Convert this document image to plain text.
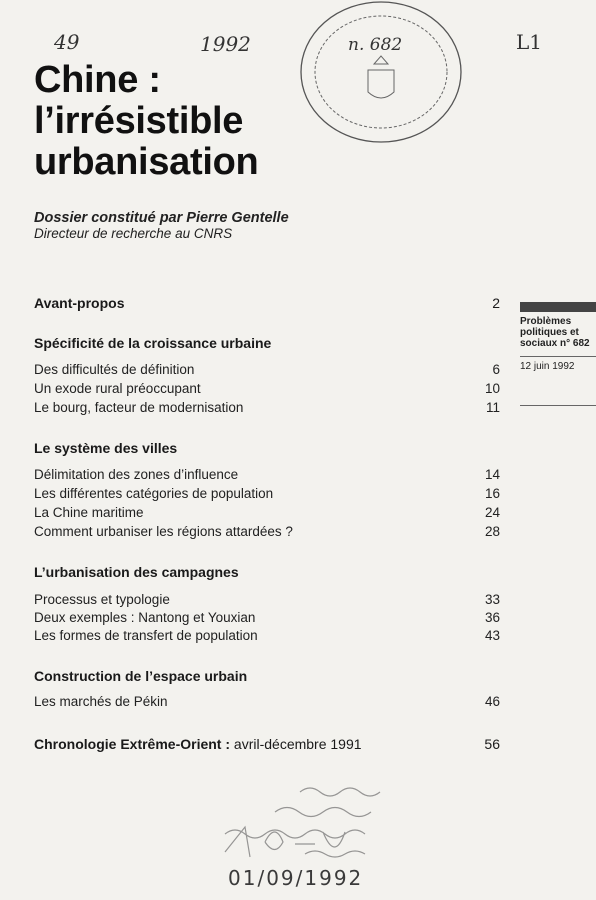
49	1992	L1
n. 682
Chine :
l’irrésistible
urbanisation
Dossier constitué par Pierre Gentelle
Directeur de recherche au CNRS
Problèmes
politiques et
sociaux n° 682
12 juin 1992
Avant-propos	2
Spécificité de la croissance urbaine
Des difficultés de définition	6
Un exode rural préoccupant	10
Le bourg, facteur de modernisation	11
Le système des villes
Délimitation des zones d’influence	14
Les différentes catégories de population	16
La Chine maritime	24
Comment urbaniser les régions attardées ?	28
L’urbanisation des campagnes
Processus et typologie	33
Deux exemples : Nantong et Youxian	36
Les formes de transfert de population	43
Construction de l’espace urbain
Les marchés de Pékin	46
Chronologie Extrême-Orient : avril-décembre 1991	56
01/09/1992
